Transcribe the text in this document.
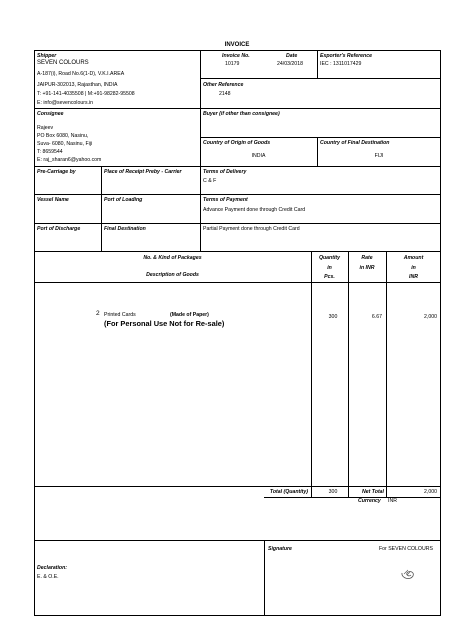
INVOICE
Shipper
SEVEN COLOURS
A-187(i), Road No.6(1-D), V.K.I.AREA
JAIPUR-302013, Rajasthan, INDIA
T: +91-141-4035508 | M:+91-98282-95508
E: info@sevencolours.in
Invoice No.
10179
Date
24/03/2018
Exporter's Reference
IEC : 1311017429
Other Reference
2148
Consignee
Rajeev
PO Box 6080, Nasinu,
Suva- 6080, Nasinu, Fiji
T: 8659544
E: raj_sharan6@yahoo.com
Buyer (if other than consignee)
Country of Origin of Goods
INDIA
Country of Final Destination
FIJI
Pre-Carriage by	Place of Receipt Preby - Carrier	Terms of Delivery
C & F
Vessel Name	Port of Loading	Terms of Payment
Advance Payment done through Credit Card
Port of Discharge	Final Destination	Partial Payment done through Credit Card
No. & Kind of Packages
Description of Goods
Quantity
in
Pcs.
Rate
in INR
Amount
in
INR
2 Printed Cards	(Made of Paper)
(For Personal Use Not for Re-sale)
300	6.67	2,000
Total (Quantity)	300	Net Total	2,000
Currency INR
Signature	For SEVEN COLOURS
Declaration:
E. & O.E.
